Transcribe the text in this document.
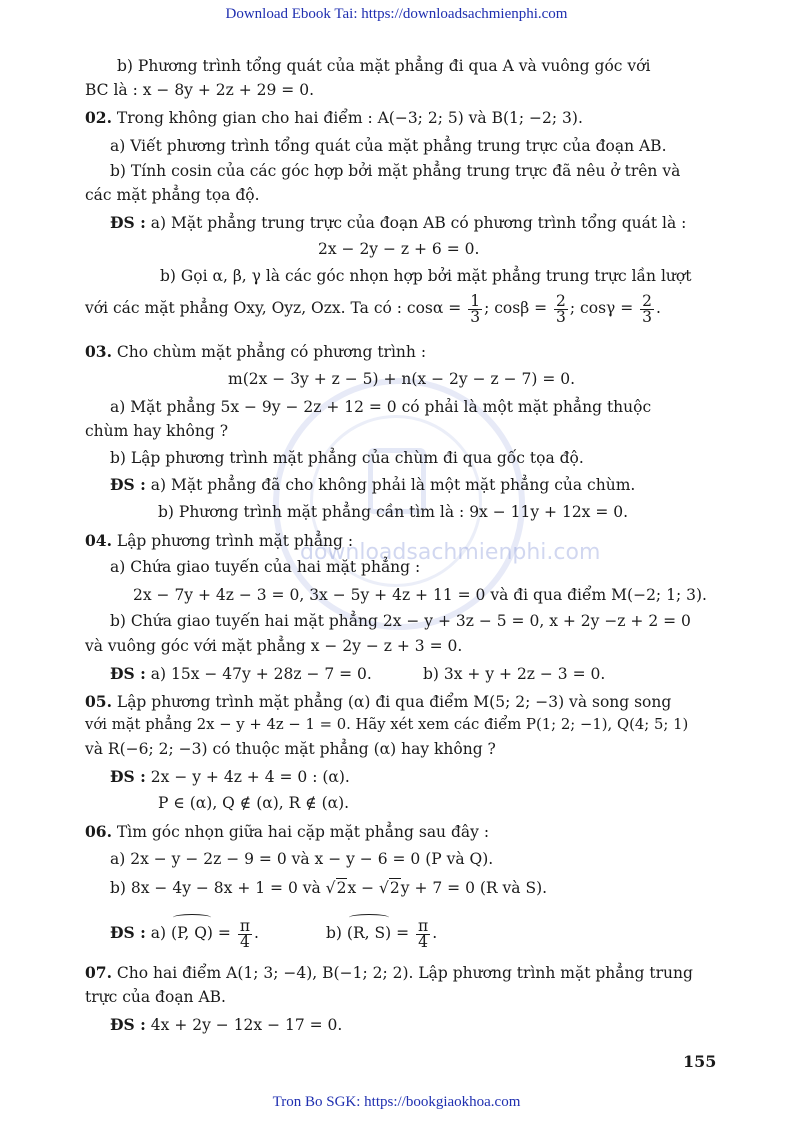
downloadsachmienphi.com
Download Ebook Tai: https://downloadsachmienphi.com
b) Phương trình tổng quát của mặt phẳng đi qua A và vuông góc với
BC là : x − 8y + 2z + 29 = 0.
02. Trong không gian cho hai điểm : A(−3; 2; 5) và B(1; −2; 3).
a) Viết phương trình tổng quát của mặt phẳng trung trực của đoạn AB.
b) Tính cosin của các góc hợp bởi mặt phẳng trung trực đã nêu ở trên và
các mặt phẳng tọa độ.
ĐS : a) Mặt phẳng trung trực của đoạn AB có phương trình tổng quát là :
2x − 2y − z + 6 = 0.
b) Gọi α, β, γ là các góc nhọn hợp bởi mặt phẳng trung trực lần lượt
với các mặt phẳng Oxy, Oyz, Ozx. Ta có : $\cos\alpha = \frac{1}{3}$ ; $\cos\beta = \frac{2}{3}$ ; $\cos\gamma = \frac{2}{3}$ .
03. Cho chùm mặt phẳng có phương trình :
m(2x − 3y + z − 5) + n(x − 2y − z − 7) = 0.
a) Mặt phẳng 5x − 9y − 2z + 12 = 0 có phải là một mặt phẳng thuộc
chùm hay không ?
b) Lập phương trình mặt phẳng của chùm đi qua gốc tọa độ.
ĐS : a) Mặt phẳng đã cho không phải là một mặt phẳng của chùm.
b) Phương trình mặt phẳng cần tìm là : 9x − 11y + 12x = 0.
04. Lập phương trình mặt phẳng :
a) Chứa giao tuyến của hai mặt phẳng :
2x − 7y + 4z − 3 = 0, 3x − 5y + 4z + 11 = 0 và đi qua điểm M(−2; 1; 3).
b) Chứa giao tuyến hai mặt phẳng 2x − y + 3z − 5 = 0, x + 2y −z + 2 = 0
và vuông góc với mặt phẳng x − 2y − z + 3 = 0.
ĐS : a) 15x − 47y + 28z − 7 = 0.	b) 3x + y + 2z − 3 = 0.
05. Lập phương trình mặt phẳng (α) đi qua điểm M(5; 2; −3) và song song
với mặt phẳng 2x − y + 4z − 1 = 0. Hãy xét xem các điểm P(1; 2; −1), Q(4; 5; 1)
và R(−6; 2; −3) có thuộc mặt phẳng (α) hay không ?
ĐS : 2x − y + 4z + 4 = 0 : (α).
P ∈ (α), Q ∉ (α), R ∉ (α).
06. Tìm góc nhọn giữa hai cặp mặt phẳng sau đây :
a) 2x − y − 2z − 9 = 0 và x − y − 6 = 0 (P và Q).
b) 8x − 4y − 8x + 1 = 0 và √2x − √2y + 7 = 0 (R và S).
ĐS : a) (P, $Q) = \frac{\pi}{4}$ .	b) (R, $S) = \frac{\pi}{4}$ .
07. Cho hai điểm A(1; 3; −4), B(−1; 2; 2). Lập phương trình mặt phẳng trung
trực của đoạn AB.
ĐS : 4x + 2y − 12x − 17 = 0.
155
Tron Bo SGK: https://bookgiaokhoa.com
